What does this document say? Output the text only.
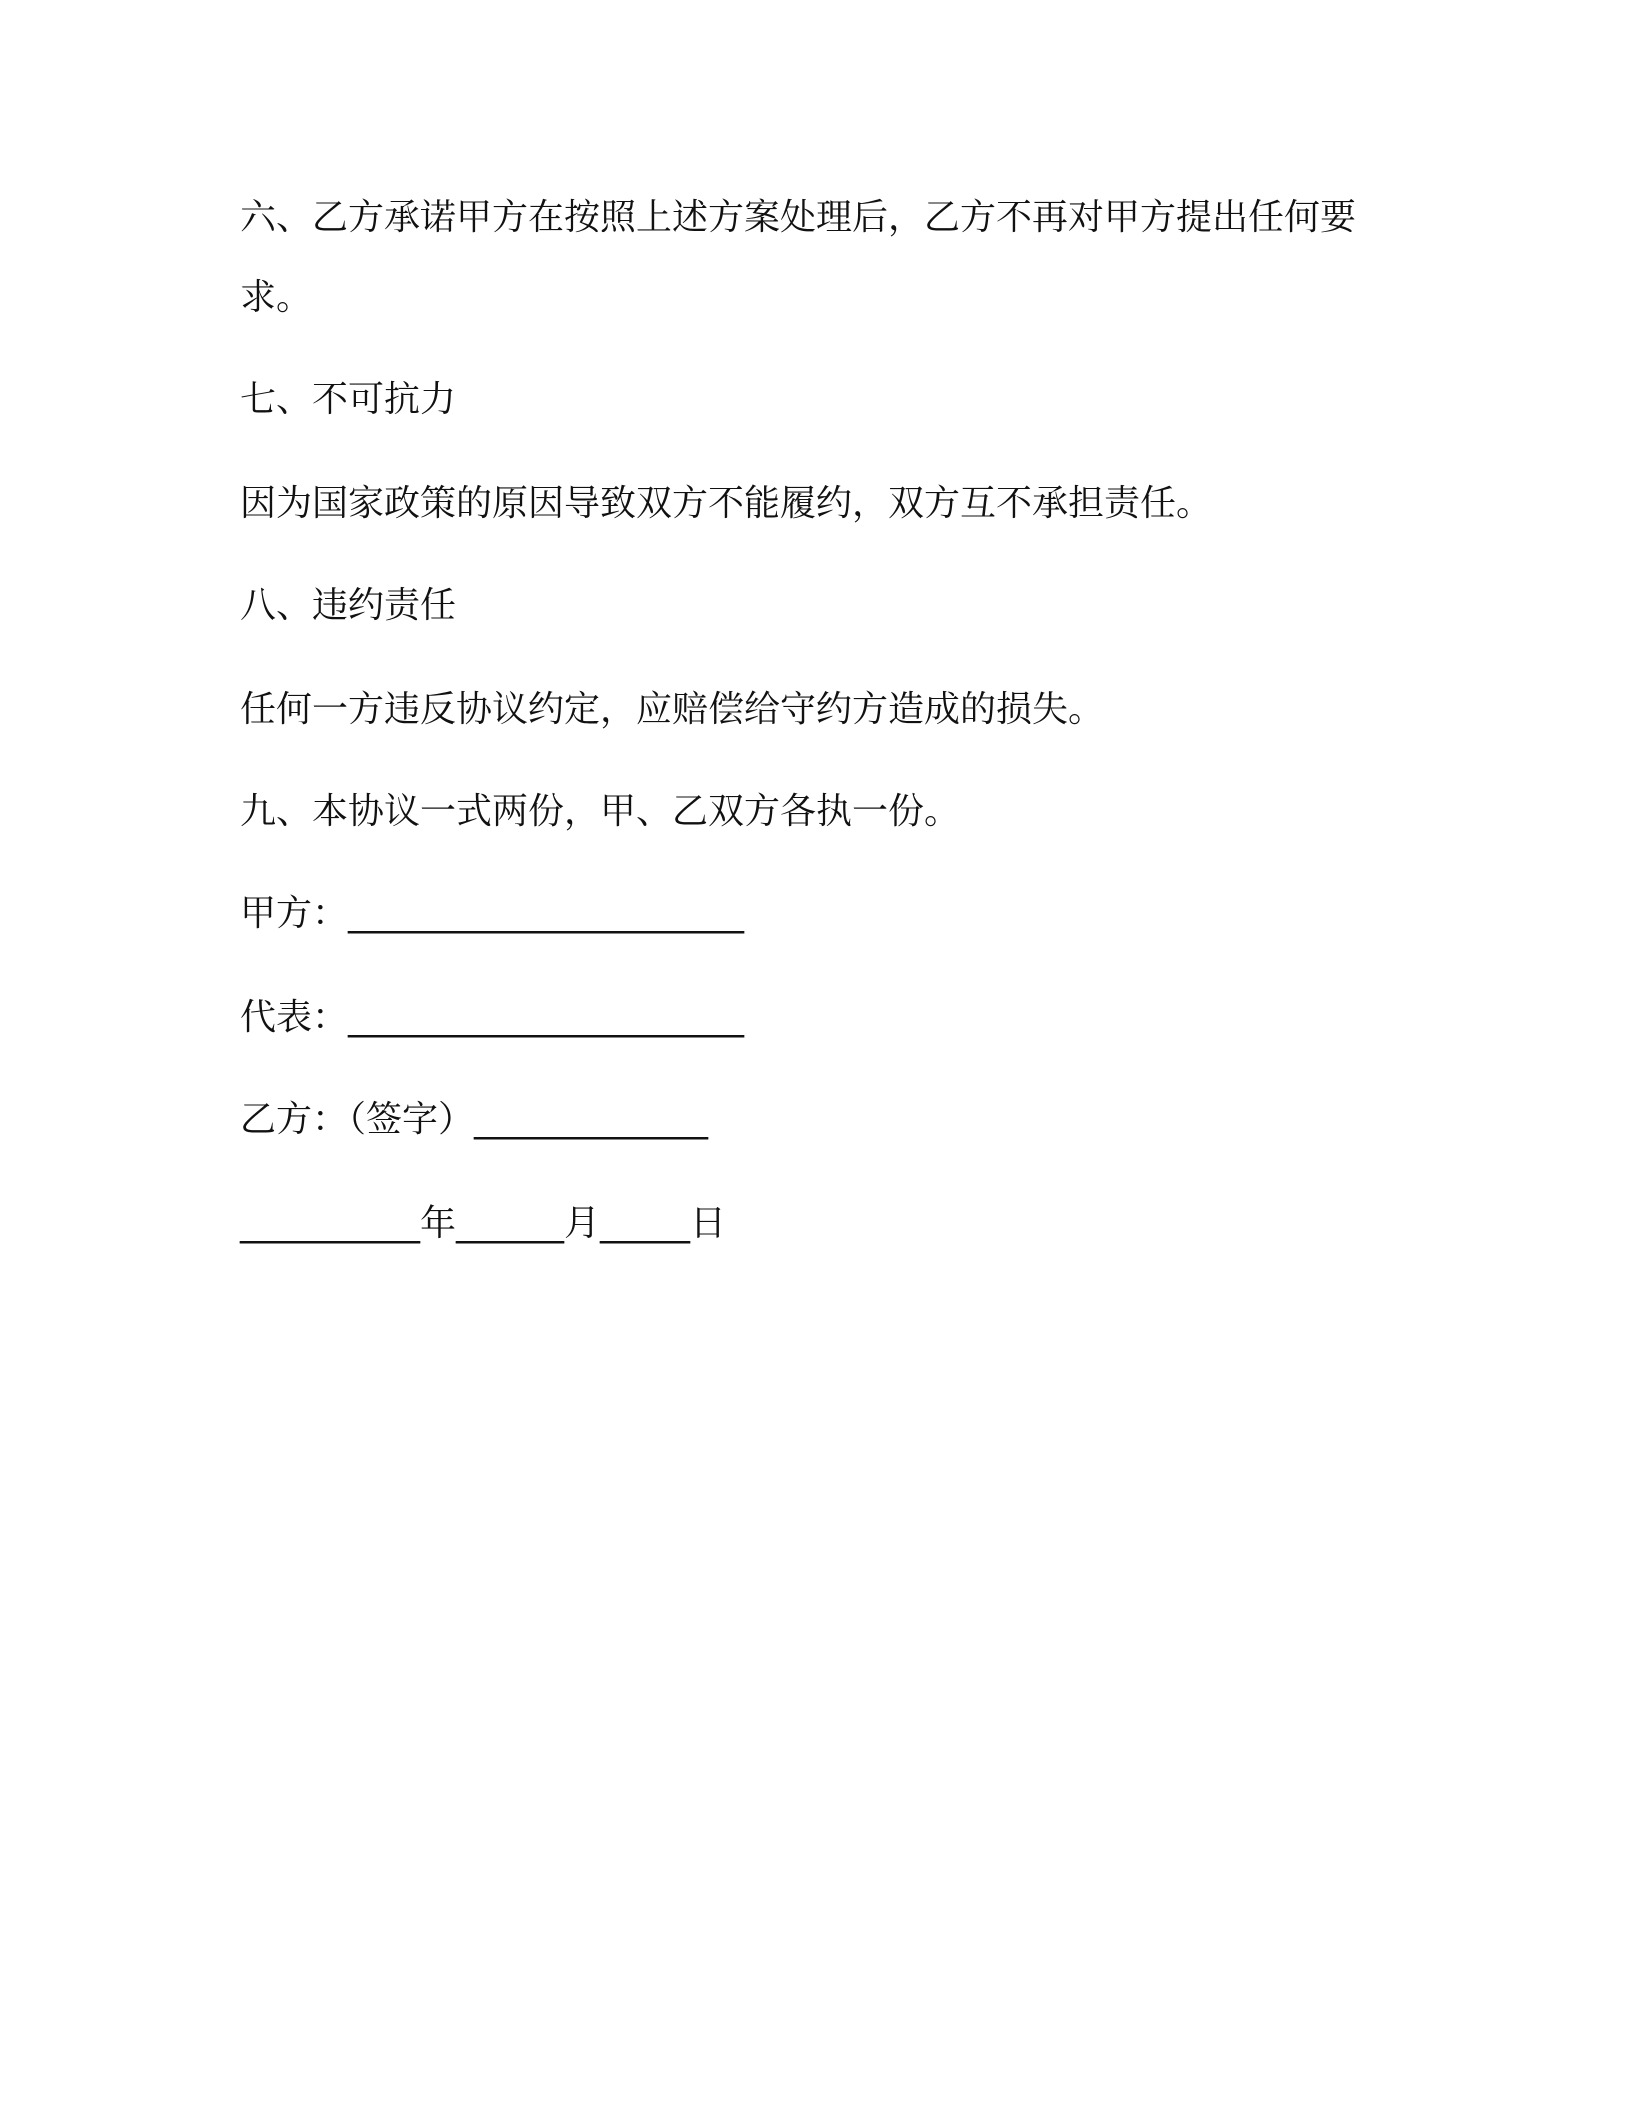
六、乙方承诺甲方在按照上述方案处理后，乙方不再对甲方提出任何要求。
七、不可抗力
因为国家政策的原因导致双方不能履约，双方互不承担责任。
八、违约责任
任何一方违反协议约定，应赔偿给守约方造成的损失。
九、本协议一式两份，甲、乙双方各执一份。
甲方：______________________
代表：______________________
乙方：（签字）_____________
__________年______月_____日
